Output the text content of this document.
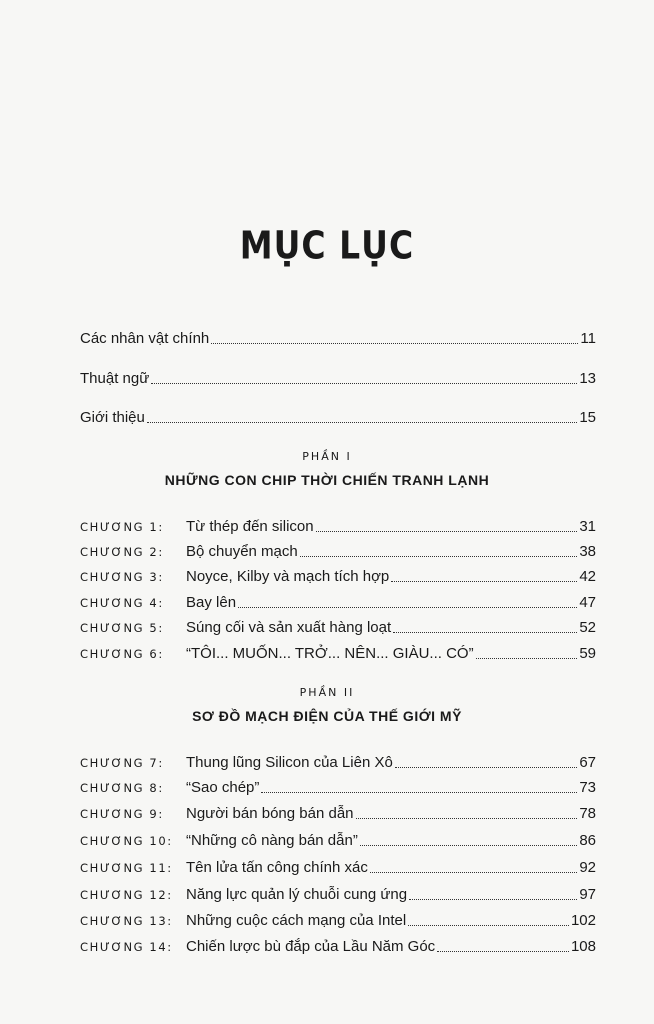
MỤC LỤC
Các nhân vật chính	11
Thuật ngữ	13
Giới thiệu	15
PHẦN I
NHỮNG CON CHIP THỜI CHIẾN TRANH LẠNH
CHƯƠNG 1:	Từ thép đến silicon	31
CHƯƠNG 2:	Bộ chuyển mạch	38
CHƯƠNG 3:	Noyce, Kilby và mạch tích hợp	42
CHƯƠNG 4:	Bay lên	47
CHƯƠNG 5:	Súng cối và sản xuất hàng loạt	52
CHƯƠNG 6:	“TÔI... MUỐN... TRỞ... NÊN... GIÀU... CÓ”	59
PHẦN II
SƠ ĐỒ MẠCH ĐIỆN CỦA THẾ GIỚI MỸ
CHƯƠNG 7:	Thung lũng Silicon của Liên Xô	67
CHƯƠNG 8:	“Sao chép”	73
CHƯƠNG 9:	Người bán bóng bán dẫn	78
CHƯƠNG 10: “Những cô nàng bán dẫn”	86
CHƯƠNG 11: Tên lửa tấn công chính xác	92
CHƯƠNG 12: Năng lực quản lý chuỗi cung ứng	97
CHƯƠNG 13: Những cuộc cách mạng của Intel	102
CHƯƠNG 14: Chiến lược bù đắp của Lầu Năm Góc	108
